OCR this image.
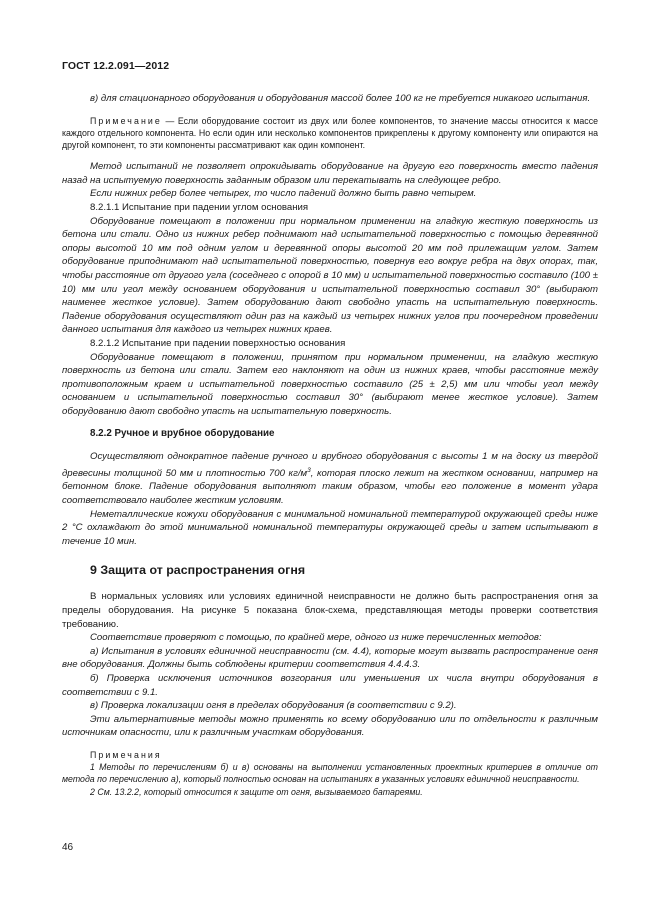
ГОСТ 12.2.091—2012

в) для стационарного оборудования и оборудования массой более 100 кг не требуется никакого испытания.

Примечание — Если оборудование состоит из двух или более компонентов, то значение массы относится к массе каждого отдельного компонента. Но если один или несколько компонентов прикреплены к другому компоненту или опираются на другой компонент, то эти компоненты рассматривают как один компонент.

Метод испытаний не позволяет опрокидывать оборудование на другую его поверхность вместо падения назад на испытуемую поверхность заданным образом или перекатывать на следующее ребро.

Если нижних ребер более четырех, то число падений должно быть равно четырем.

8.2.1.1 Испытание при падении углом основания

Оборудование помещают в положении при нормальном применении на гладкую жесткую поверхность из бетона или стали. Одно из нижних ребер поднимают над испытательной поверхностью с помощью деревянной опоры высотой 10 мм под одним углом и деревянной опоры высотой 20 мм под прилежащим углом. Затем оборудование приподнимают над испытательной поверхностью, повернув его вокруг ребра на двух опорах, так, чтобы расстояние от другого угла (соседнего с опорой в 10 мм) и испытательной поверхностью составило (100 ± 10) мм или угол между основанием оборудования и испытательной поверхностью составил 30° (выбирают наименее жесткое условие). Затем оборудованию дают свободно упасть на испытательную поверхность. Падение оборудования осуществляют один раз на каждый из четырех нижних углов при поочередном проведении данного испытания для каждого из четырех нижних краев.

8.2.1.2 Испытание при падении поверхностью основания

Оборудование помещают в положении, принятом при нормальном применении, на гладкую жесткую поверхность из бетона или стали. Затем его наклоняют на один из нижних краев, чтобы расстояние между противоположным краем и испытательной поверхностью составило (25 ± 2,5) мм или чтобы угол между основанием и испытательной поверхностью составил 30° (выбирают менее жесткое условие). Затем оборудованию дают свободно упасть на испытательную поверхность.

8.2.2 Ручное и врубное оборудование

Осуществляют однократное падение ручного и врубного оборудования с высоты 1 м на доску из твердой древесины толщиной 50 мм и плотностью 700 $кг/м^3$, которая плоско лежит на жестком основании, например на бетонном блоке. Падение оборудования выполняют таким образом, чтобы его положение в момент удара соответствовало наиболее жестким условиям.

Неметаллические кожухи оборудования с минимальной номинальной температурой окружающей среды ниже 2 °С охлаждают до этой минимальной номинальной температуры окружающей среды и затем испытывают в течение 10 мин.

9 Защита от распространения огня

В нормальных условиях или условиях единичной неисправности не должно быть распространения огня за пределы оборудования. На рисунке 5 показана блок-схема, представляющая методы проверки соответствия требованию.

Соответствие проверяют с помощью, по крайней мере, одного из ниже перечисленных методов:

а) Испытания в условиях единичной неисправности (см. 4.4), которые могут вызвать распространение огня вне оборудования. Должны быть соблюдены критерии соответствия 4.4.4.3.

б) Проверка исключения источников возгорания или уменьшения их числа внутри оборудования в соответствии с 9.1.

в) Проверка локализации огня в пределах оборудования (в соответствии с 9.2).

Эти альтернативные методы можно применять ко всему оборудованию или по отдельности к различным источникам опасности, или к различным участкам оборудования.

Примечания

1 Методы по перечислениям б) и в) основаны на выполнении установленных проектных критериев в отличие от метода по перечислению а), который полностью основан на испытаниях в указанных условиях единичной неисправности.

2 См. 13.2.2, который относится к защите от огня, вызываемого батареями.

46
